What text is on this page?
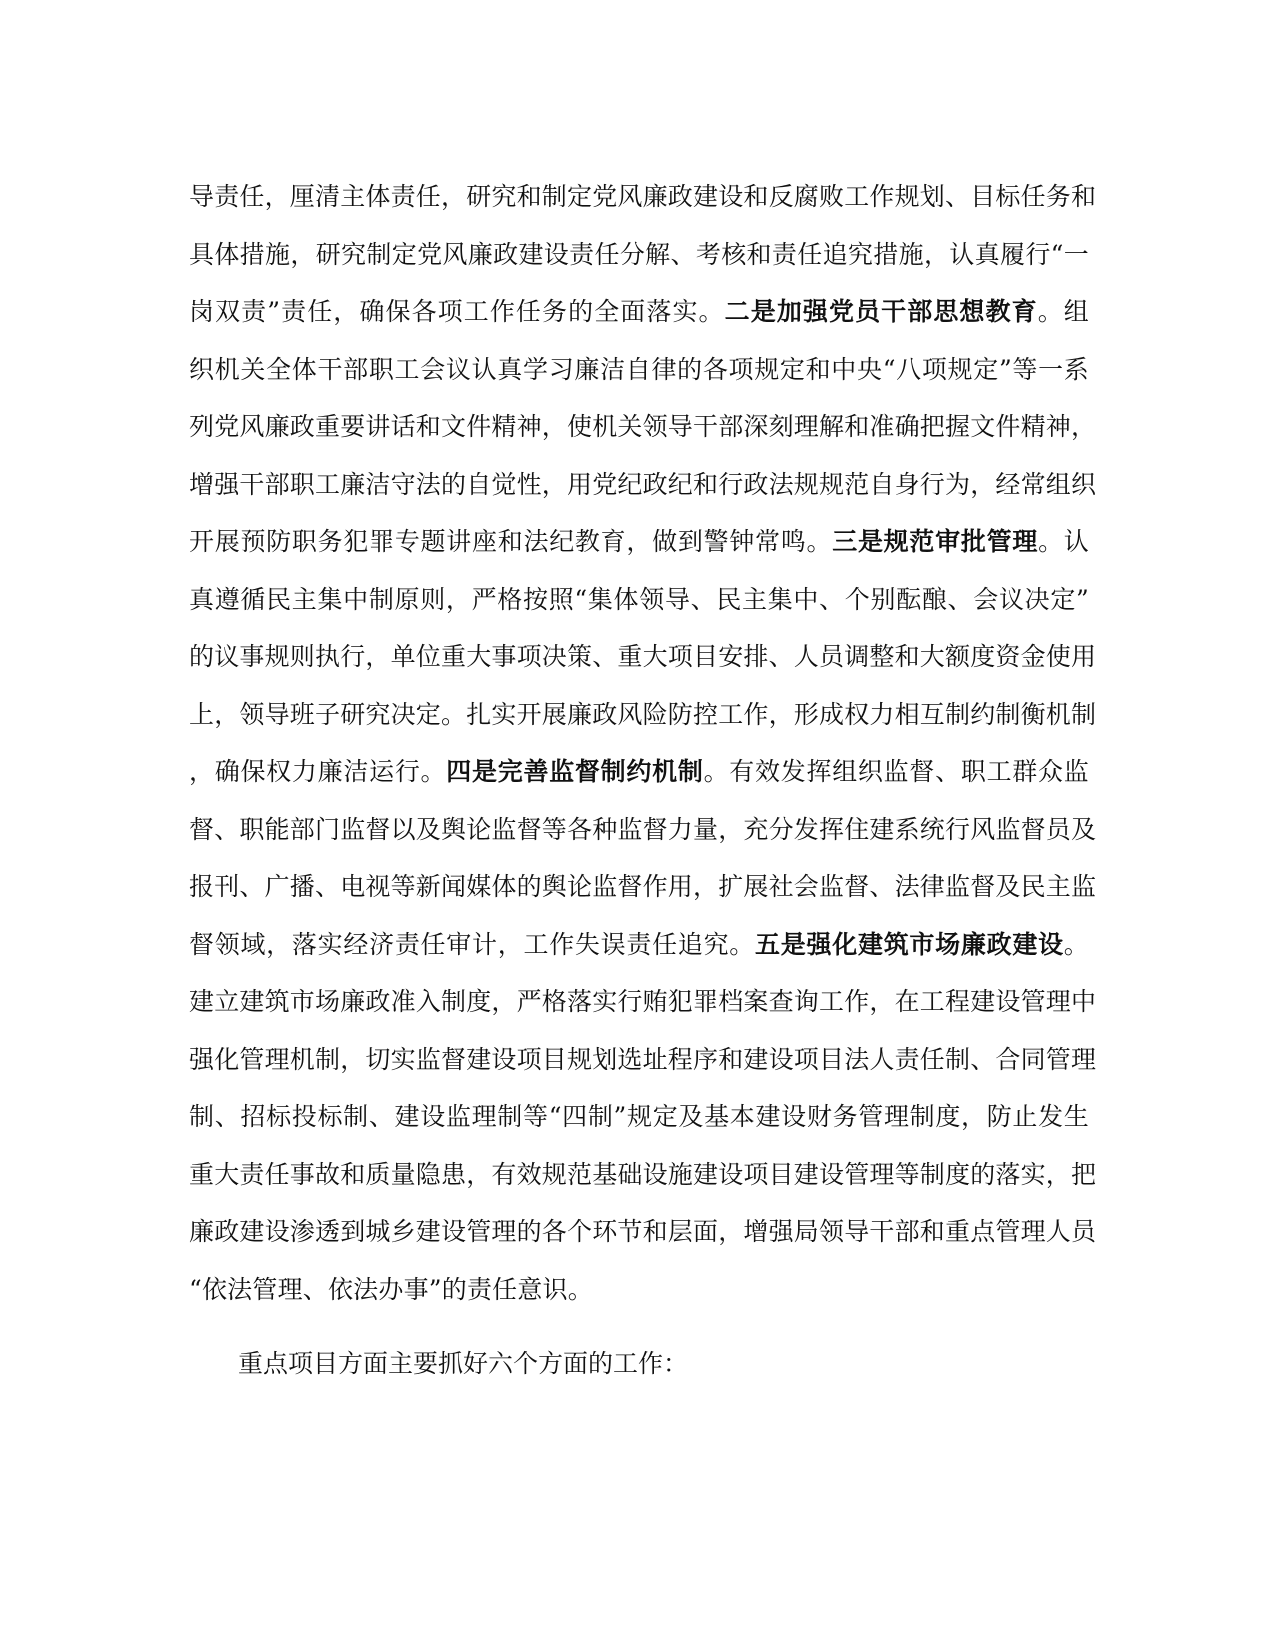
导责任，厘清主体责任，研究和制定党风廉政建设和反腐败工作规划、目标任务和
具体措施，研究制定党风廉政建设责任分解、考核和责任追究措施，认真履行“一
岗双责”责任，确保各项工作任务的全面落实。二是加强党员干部思想教育。组
织机关全体干部职工会议认真学习廉洁自律的各项规定和中央“八项规定”等一系
列党风廉政重要讲话和文件精神，使机关领导干部深刻理解和准确把握文件精神，
增强干部职工廉洁守法的自觉性，用党纪政纪和行政法规规范自身行为，经常组织
开展预防职务犯罪专题讲座和法纪教育，做到警钟常鸣。三是规范审批管理。认
真遵循民主集中制原则，严格按照“集体领导、民主集中、个别酝酿、会议决定”
的议事规则执行，单位重大事项决策、重大项目安排、人员调整和大额度资金使用
上，领导班子研究决定。扎实开展廉政风险防控工作，形成权力相互制约制衡机制
，确保权力廉洁运行。四是完善监督制约机制。有效发挥组织监督、职工群众监
督、职能部门监督以及舆论监督等各种监督力量，充分发挥住建系统行风监督员及
报刊、广播、电视等新闻媒体的舆论监督作用，扩展社会监督、法律监督及民主监
督领域，落实经济责任审计，工作失误责任追究。五是强化建筑市场廉政建设。
建立建筑市场廉政准入制度，严格落实行贿犯罪档案查询工作，在工程建设管理中
强化管理机制，切实监督建设项目规划选址程序和建设项目法人责任制、合同管理
制、招标投标制、建设监理制等“四制”规定及基本建设财务管理制度，防止发生
重大责任事故和质量隐患，有效规范基础设施建设项目建设管理等制度的落实，把
廉政建设渗透到城乡建设管理的各个环节和层面，增强局领导干部和重点管理人员
“依法管理、依法办事”的责任意识。
重点项目方面主要抓好六个方面的工作：
